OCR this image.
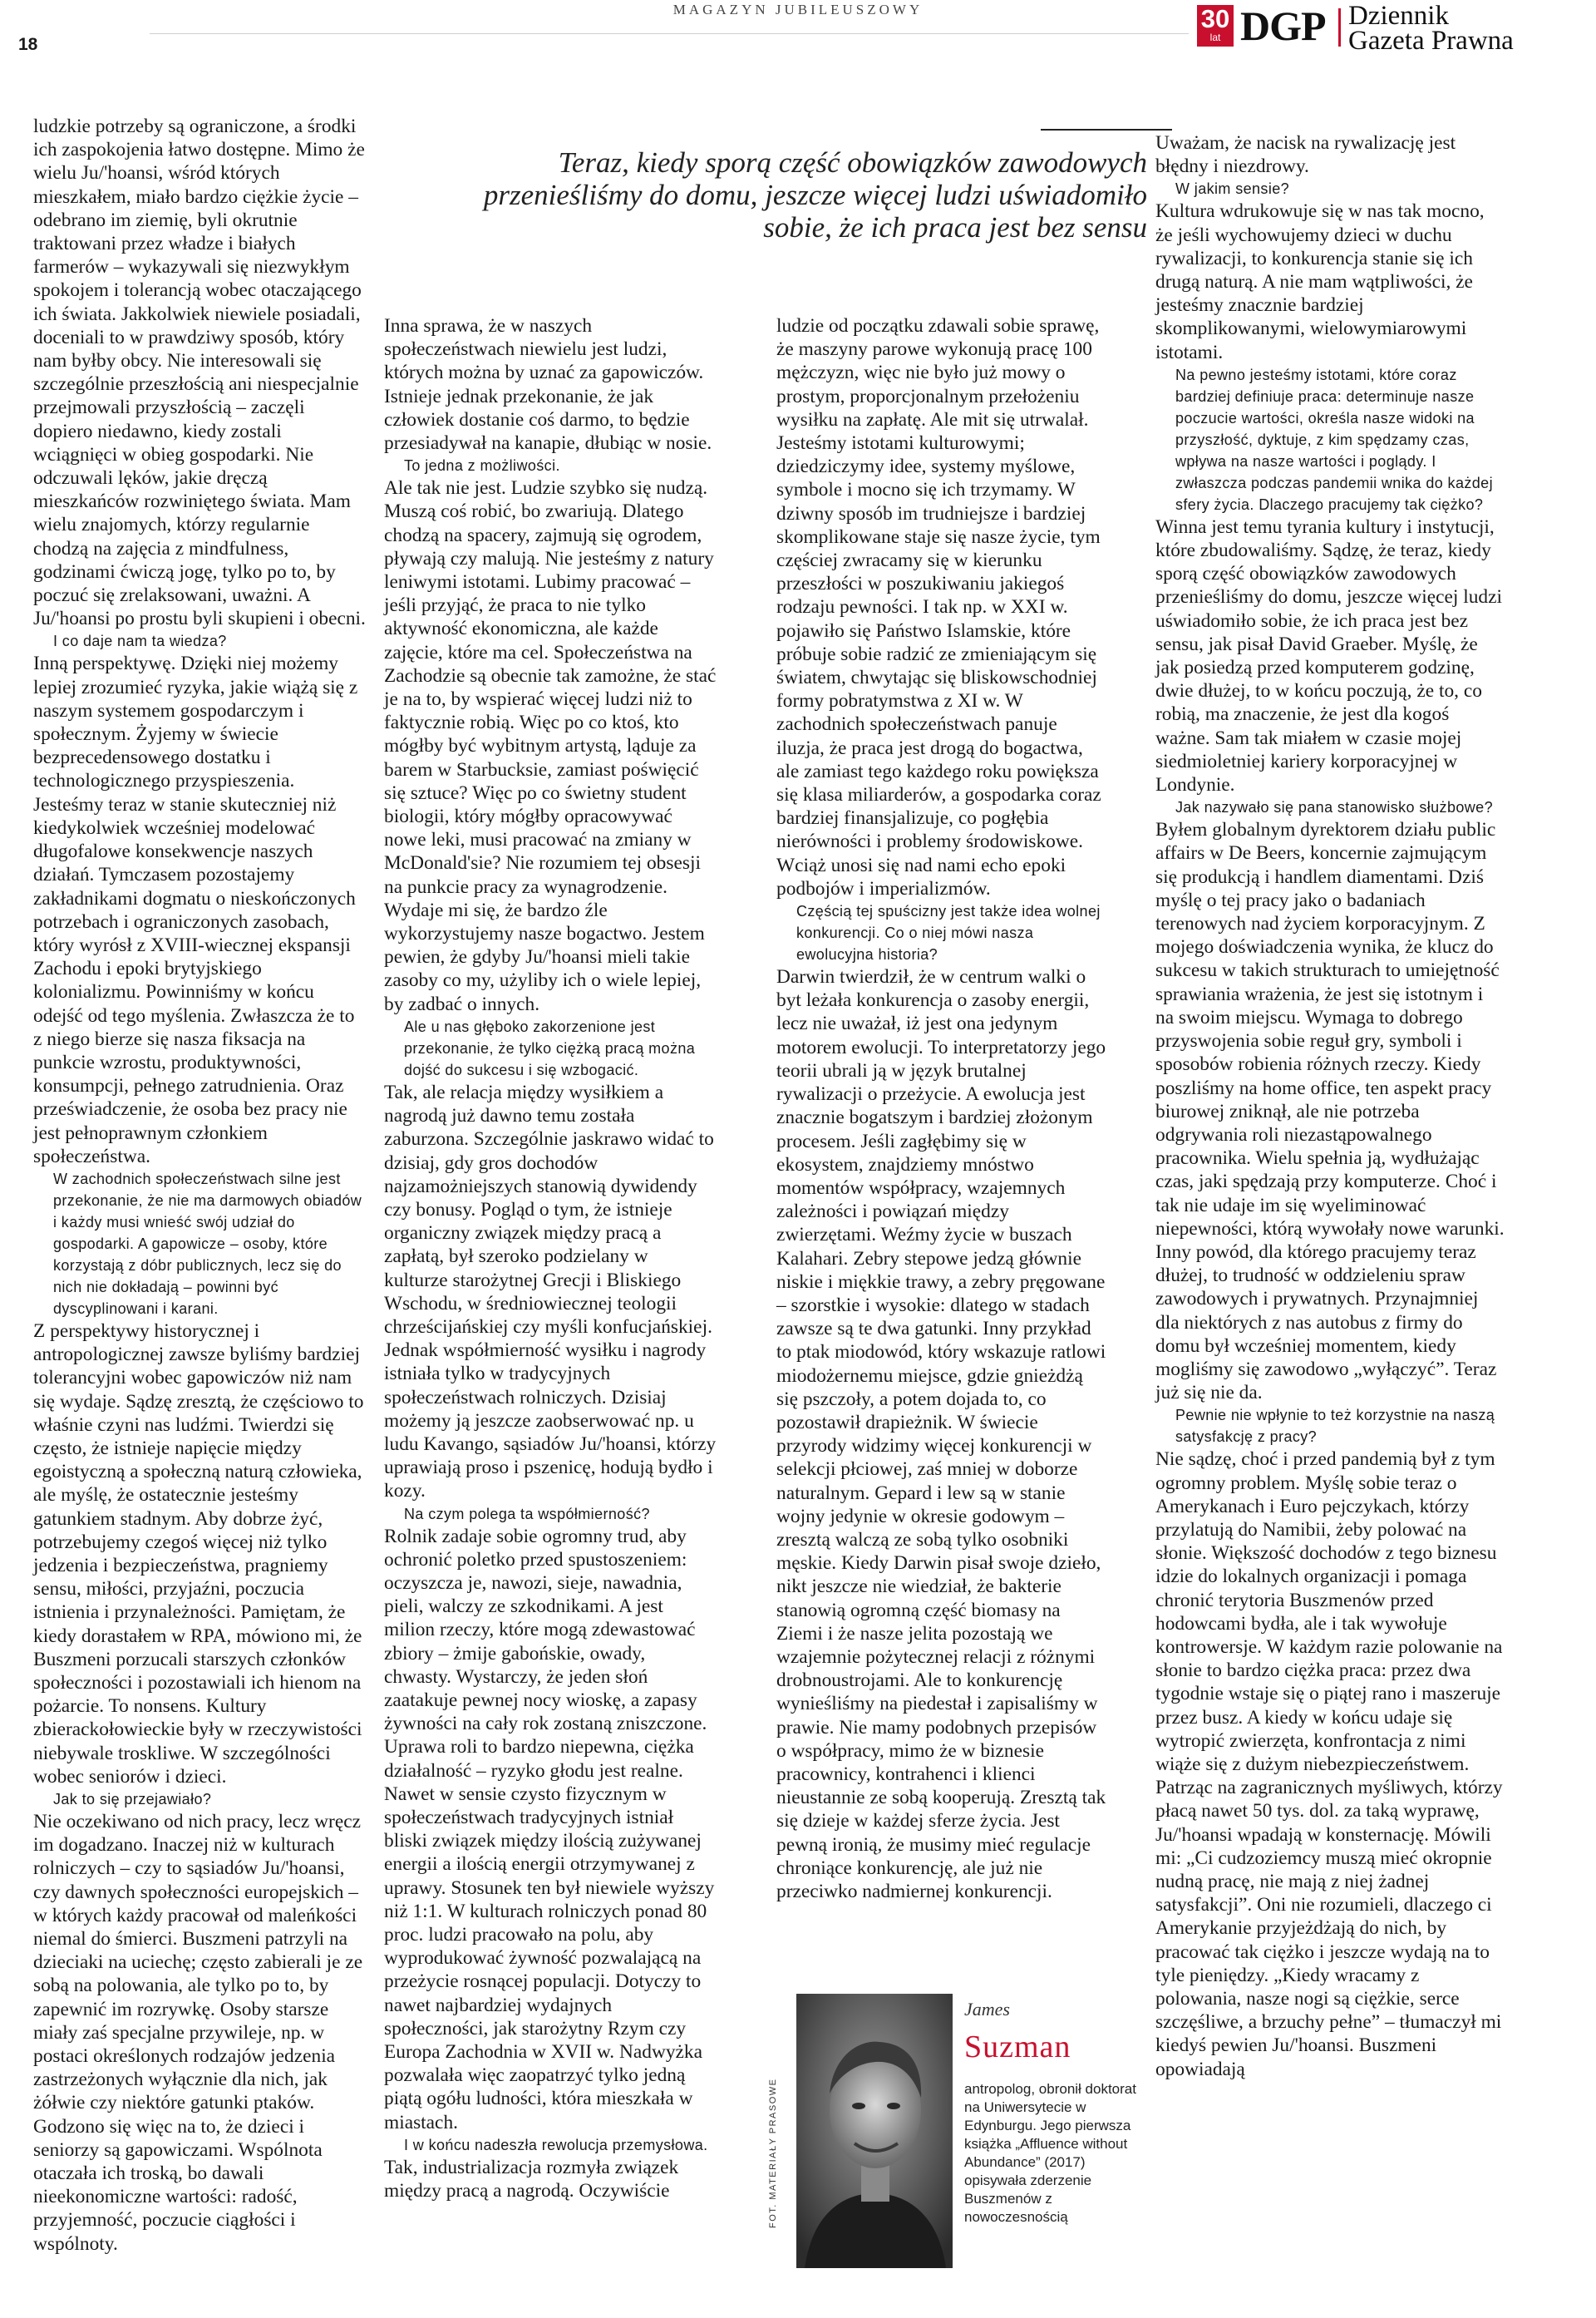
18
MAGAZYN JUBILEUSZOWY	30
lat DGP Dziennik
Gazeta Prawna
Teraz, kiedy sporą część obowiązków zawodowych przenieśliśmy do domu, jeszcze więcej ludzi uświadomiło sobie, że ich praca jest bez sensu

ludzkie potrzeby są ograniczone, a środki ich zaspokojenia łatwo dostępne. Mimo że wielu Ju/'hoansi, wśród których mieszkałem, miało bardzo ciężkie życie – odebrano im ziemię, byli okrutnie traktowani przez władze i białych farmerów – wykazywali się niezwykłym spokojem i tolerancją wobec otaczającego ich świata. Jakkolwiek niewiele posiadali, doceniali to w prawdziwy sposób, który nam byłby obcy. Nie interesowali się szczególnie przeszłością ani niespecjalnie przejmowali przyszłością – zaczęli dopiero niedawno, kiedy zostali wciągnięci w obieg gospodarki. Nie odczuwali lęków, jakie dręczą mieszkańców rozwiniętego świata. Mam wielu znajomych, którzy regularnie chodzą na zajęcia z mindfulness, godzinami ćwiczą jogę, tylko po to, by poczuć się zrelaksowani, uważni. A Ju/'hoansi po prostu byli skupieni i obecni.

I co daje nam ta wiedza?

Inną perspektywę. Dzięki niej możemy lepiej zrozumieć ryzyka, jakie wiążą się z naszym systemem gospodarczym i społecznym. Żyjemy w świecie bezprecedensowego dostatku i technologicznego przyspieszenia. Jesteśmy teraz w stanie skuteczniej niż kiedykolwiek wcześniej modelować długofalowe konsekwencje naszych działań. Tymczasem pozostajemy zakładnikami dogmatu o nieskończonych potrzebach i ograniczonych zasobach, który wyrósł z XVIII-wiecznej ekspansji Zachodu i epoki brytyjskiego kolonializmu. Powinniśmy w końcu odejść od tego myślenia. Zwłaszcza że to z niego bierze się nasza fiksacja na punkcie wzrostu, produktywności, konsumpcji, pełnego zatrudnienia. Oraz przeświadczenie, że osoba bez pracy nie jest pełnoprawnym członkiem społeczeństwa.

W zachodnich społeczeństwach silne jest przekonanie, że nie ma darmowych obiadów i każdy musi wnieść swój udział do gospodarki. A gapowicze – osoby, które korzystają z dóbr publicznych, lecz się do nich nie dokładają – powinni być dyscyplinowani i karani.

Z perspektywy historycznej i antropologicznej zawsze byliśmy bardziej tolerancyjni wobec gapowiczów niż nam się wydaje. Sądzę zresztą, że częściowo to właśnie czyni nas ludźmi. Twierdzi się często, że istnieje napięcie między egoistyczną a społeczną naturą człowieka, ale myślę, że ostatecznie jesteśmy gatunkiem stadnym. Aby dobrze żyć, potrzebujemy czegoś więcej niż tylko jedzenia i bezpieczeństwa, pragniemy sensu, miłości, przyjaźni, poczucia istnienia i przynależności. Pamiętam, że kiedy dorastałem w RPA, mówiono mi, że Buszmeni porzucali starszych członków społeczności i pozostawiali ich hienom na pożarcie. To nonsens. Kultury zbierackołowieckie były w rzeczywistości niebywale troskliwe. W szczególności wobec seniorów i dzieci.

Jak to się przejawiało?

Nie oczekiwano od nich pracy, lecz wręcz im dogadzano. Inaczej niż w kulturach rolniczych – czy to sąsiadów Ju/'hoansi, czy dawnych społeczności europejskich – w których każdy pracował od maleńkości niemal do śmierci. Buszmeni patrzyli na dzieciaki na uciechę; często zabierali je ze sobą na polowania, ale tylko po to, by zapewnić im rozrywkę. Osoby starsze miały zaś specjalne przywileje, np. w postaci określonych rodzajów jedzenia zastrzeżonych wyłącznie dla nich, jak żółwie czy niektóre gatunki ptaków. Godzono się więc na to, że dzieci i seniorzy są gapowiczami. Wspólnota otaczała ich troską, bo dawali nieekonomiczne wartości: radość, przyjemność, poczucie ciągłości i wspólnoty.

Inna sprawa, że w naszych społeczeństwach niewielu jest ludzi, których można by uznać za gapowiczów. Istnieje jednak przekonanie, że jak człowiek dostanie coś darmo, to będzie przesiadywał na kanapie, dłubiąc w nosie.

To jedna z możliwości.

Ale tak nie jest. Ludzie szybko się nudzą. Muszą coś robić, bo zwariują. Dlatego chodzą na spacery, zajmują się ogrodem, pływają czy malują. Nie jesteśmy z natury leniwymi istotami. Lubimy pracować – jeśli przyjąć, że praca to nie tylko aktywność ekonomiczna, ale każde zajęcie, które ma cel. Społeczeństwa na Zachodzie są obecnie tak zamożne, że stać je na to, by wspierać więcej ludzi niż to faktycznie robią. Więc po co ktoś, kto mógłby być wybitnym artystą, ląduje za barem w Starbucksie, zamiast poświęcić się sztuce? Więc po co świetny student biologii, który mógłby opracowywać nowe leki, musi pracować na zmiany w McDonald'sie? Nie rozumiem tej obsesji na punkcie pracy za wynagrodzenie. Wydaje mi się, że bardzo źle wykorzystujemy nasze bogactwo. Jestem pewien, że gdyby Ju/'hoansi mieli takie zasoby co my, użyliby ich o wiele lepiej, by zadbać o innych.

Ale u nas głęboko zakorzenione jest przekonanie, że tylko ciężką pracą można dojść do sukcesu i się wzbogacić.

Tak, ale relacja między wysiłkiem a nagrodą już dawno temu została zaburzona. Szczególnie jaskrawo widać to dzisiaj, gdy gros dochodów najzamożniejszych stanowią dywidendy czy bonusy. Pogląd o tym, że istnieje organiczny związek między pracą a zapłatą, był szeroko podzielany w kulturze starożytnej Grecji i Bliskiego Wschodu, w średniowiecznej teologii chrześcijańskiej czy myśli konfucjańskiej. Jednak współmierność wysiłku i nagrody istniała tylko w tradycyjnych społeczeństwach rolniczych. Dzisiaj możemy ją jeszcze zaobserwować np. u ludu Kavango, sąsiadów Ju/'hoansi, którzy uprawiają proso i pszenicę, hodują bydło i kozy.

Na czym polega ta współmierność?

Rolnik zadaje sobie ogromny trud, aby ochronić poletko przed spustoszeniem: oczyszcza je, nawozi, sieje, nawadnia, pieli, walczy ze szkodnikami. A jest milion rzeczy, które mogą zdewastować zbiory – żmije gabońskie, owady, chwasty. Wystarczy, że jeden słoń zaatakuje pewnej nocy wioskę, a zapasy żywności na cały rok zostaną zniszczone. Uprawa roli to bardzo niepewna, ciężka działalność – ryzyko głodu jest realne. Nawet w sensie czysto fizycznym w społeczeństwach tradycyjnych istniał bliski związek między ilością zużywanej energii a ilością energii otrzymywanej z uprawy. Stosunek ten był niewiele wyższy niż 1:1. W kulturach rolniczych ponad 80 proc. ludzi pracowało na polu, aby wyprodukować żywność pozwalającą na przeżycie rosnącej populacji. Dotyczy to nawet najbardziej wydajnych społeczności, jak starożytny Rzym czy Europa Zachodnia w XVII w. Nadwyżka pozwalała więc zaopatrzyć tylko jedną piątą ogółu ludności, która mieszkała w miastach.

I w końcu nadeszła rewolucja przemysłowa.

Tak, industrializacja rozmyła związek między pracą a nagrodą. Oczywiście

ludzie od początku zdawali sobie sprawę, że maszyny parowe wykonują pracę 100 mężczyzn, więc nie było już mowy o prostym, proporcjonalnym przełożeniu wysiłku na zapłatę. Ale mit się utrwalał. Jesteśmy istotami kulturowymi; dziedziczymy idee, systemy myślowe, symbole i mocno się ich trzymamy. W dziwny sposób im trudniejsze i bardziej skomplikowane staje się nasze życie, tym częściej zwracamy się w kierunku przeszłości w poszukiwaniu jakiegoś rodzaju pewności. I tak np. w XXI w. pojawiło się Państwo Islamskie, które próbuje sobie radzić ze zmieniającym się światem, chwytając się bliskowschodniej formy pobratymstwa z XI w. W zachodnich społeczeństwach panuje iluzja, że praca jest drogą do bogactwa, ale zamiast tego każdego roku powiększa się klasa miliarderów, a gospodarka coraz bardziej finansjalizuje, co pogłębia nierówności i problemy środowiskowe. Wciąż unosi się nad nami echo epoki podbojów i imperializmów.

Częścią tej spuścizny jest także idea wolnej konkurencji. Co o niej mówi nasza ewolucyjna historia?

Darwin twierdził, że w centrum walki o byt leżała konkurencja o zasoby energii, lecz nie uważał, iż jest ona jedynym motorem ewolucji. To interpretatorzy jego teorii ubrali ją w język brutalnej rywalizacji o przeżycie. A ewolucja jest znacznie bogatszym i bardziej złożonym procesem. Jeśli zagłębimy się w ekosystem, znajdziemy mnóstwo momentów współpracy, wzajemnych zależności i powiązań między zwierzętami. Weźmy życie w buszach Kalahari. Zebry stepowe jedzą głównie niskie i miękkie trawy, a zebry pręgowane – szorstkie i wysokie: dlatego w stadach zawsze są te dwa gatunki. Inny przykład to ptak miodowód, który wskazuje ratlowi miodożernemu miejsce, gdzie gnieżdżą się pszczoły, a potem dojada to, co pozostawił drapieżnik. W świecie przyrody widzimy więcej konkurencji w selekcji płciowej, zaś mniej w doborze naturalnym. Gepard i lew są w stanie wojny jedynie w okresie godowym – zresztą walczą ze sobą tylko osobniki męskie. Kiedy Darwin pisał swoje dzieło, nikt jeszcze nie wiedział, że bakterie stanowią ogromną część biomasy na Ziemi i że nasze jelita pozostają we wzajemnie pożytecznej relacji z różnymi drobnoustrojami. Ale to konkurencję wynieśliśmy na piedestał i zapisaliśmy w prawie. Nie mamy podobnych przepisów o współpracy, mimo że w biznesie pracownicy, kontrahenci i klienci nieustannie ze sobą kooperują. Zresztą tak się dzieje w każdej sferze życia. Jest pewną ironią, że musimy mieć regulacje chroniące konkurencję, ale już nie przeciwko nadmiernej konkurencji.

Uważam, że nacisk na rywalizację jest błędny i niezdrowy.

W jakim sensie?

Kultura wdrukowuje się w nas tak mocno, że jeśli wychowujemy dzieci w duchu rywalizacji, to konkurencja stanie się ich drugą naturą. A nie mam wątpliwości, że jesteśmy znacznie bardziej skomplikowanymi, wielowymiarowymi istotami.

Na pewno jesteśmy istotami, które coraz bardziej definiuje praca: determinuje nasze poczucie wartości, określa nasze widoki na przyszłość, dyktuje, z kim spędzamy czas, wpływa na nasze wartości i poglądy. I zwłaszcza podczas pandemii wnika do każdej sfery życia. Dlaczego pracujemy tak ciężko?

Winna jest temu tyrania kultury i instytucji, które zbudowaliśmy. Sądzę, że teraz, kiedy sporą część obowiązków zawodowych przenieśliśmy do domu, jeszcze więcej ludzi uświadomiło sobie, że ich praca jest bez sensu, jak pisał David Graeber. Myślę, że jak posiedzą przed komputerem godzinę, dwie dłużej, to w końcu poczują, że to, co robią, ma znaczenie, że jest dla kogoś ważne. Sam tak miałem w czasie mojej siedmioletniej kariery korporacyjnej w Londynie.

Jak nazywało się pana stanowisko służbowe?

Byłem globalnym dyrektorem działu public affairs w De Beers, koncernie zajmującym się produkcją i handlem diamentami. Dziś myślę o tej pracy jako o badaniach terenowych nad życiem korporacyjnym. Z mojego doświadczenia wynika, że klucz do sukcesu w takich strukturach to umiejętność sprawiania wrażenia, że jest się istotnym i na swoim miejscu. Wymaga to dobrego przyswojenia sobie reguł gry, symboli i sposobów robienia różnych rzeczy. Kiedy poszliśmy na home office, ten aspekt pracy biurowej zniknął, ale nie potrzeba odgrywania roli niezastąpowalnego pracownika. Wielu spełnia ją, wydłużając czas, jaki spędzają przy komputerze. Choć i tak nie udaje im się wyeliminować niepewności, którą wywołały nowe warunki. Inny powód, dla którego pracujemy teraz dłużej, to trudność w oddzieleniu spraw zawodowych i prywatnych. Przynajmniej dla niektórych z nas autobus z firmy do domu był wcześniej momentem, kiedy mogliśmy się zawodowo „wyłączyć”. Teraz już się nie da.

Pewnie nie wpłynie to też korzystnie na naszą satysfakcję z pracy?

Nie sądzę, choć i przed pandemią był z tym ogromny problem. Myślę sobie teraz o Amerykanach i Euro pejczykach, którzy przylatują do Namibii, żeby polować na słonie. Większość dochodów z tego biznesu idzie do lokalnych organizacji i pomaga chronić terytoria Buszmenów przed hodowcami bydła, ale i tak wywołuje kontrowersje. W każdym razie polowanie na słonie to bardzo ciężka praca: przez dwa tygodnie wstaje się o piątej rano i maszeruje przez busz. A kiedy w końcu udaje się wytropić zwierzęta, konfrontacja z nimi wiąże się z dużym niebezpieczeństwem. Patrząc na zagranicznych myśliwych, którzy płacą nawet 50 tys. dol. za taką wyprawę, Ju/'hoansi wpadają w konsternację. Mówili mi: „Ci cudzoziemcy muszą mieć okropnie nudną pracę, nie mają z niej żadnej satysfakcji”. Oni nie rozumieli, dlaczego ci Amerykanie przyjeżdżają do nich, by pracować tak ciężko i jeszcze wydają na to tyle pieniędzy. „Kiedy wracamy z polowania, nasze nogi są ciężkie, serce szczęśliwe, a brzuchy pełne” – tłumaczył mi kiedyś pewien Ju/'hoansi. Buszmeni opowiadają

FOT. MATERIAŁY PRASOWE
James
Suzman
antropolog, obronił doktorat na Uniwersytecie w Edynburgu. Jego pierwsza książka „Affluence without Abundance” (2017) opisywała zderzenie Buszmenów z nowoczesnością
